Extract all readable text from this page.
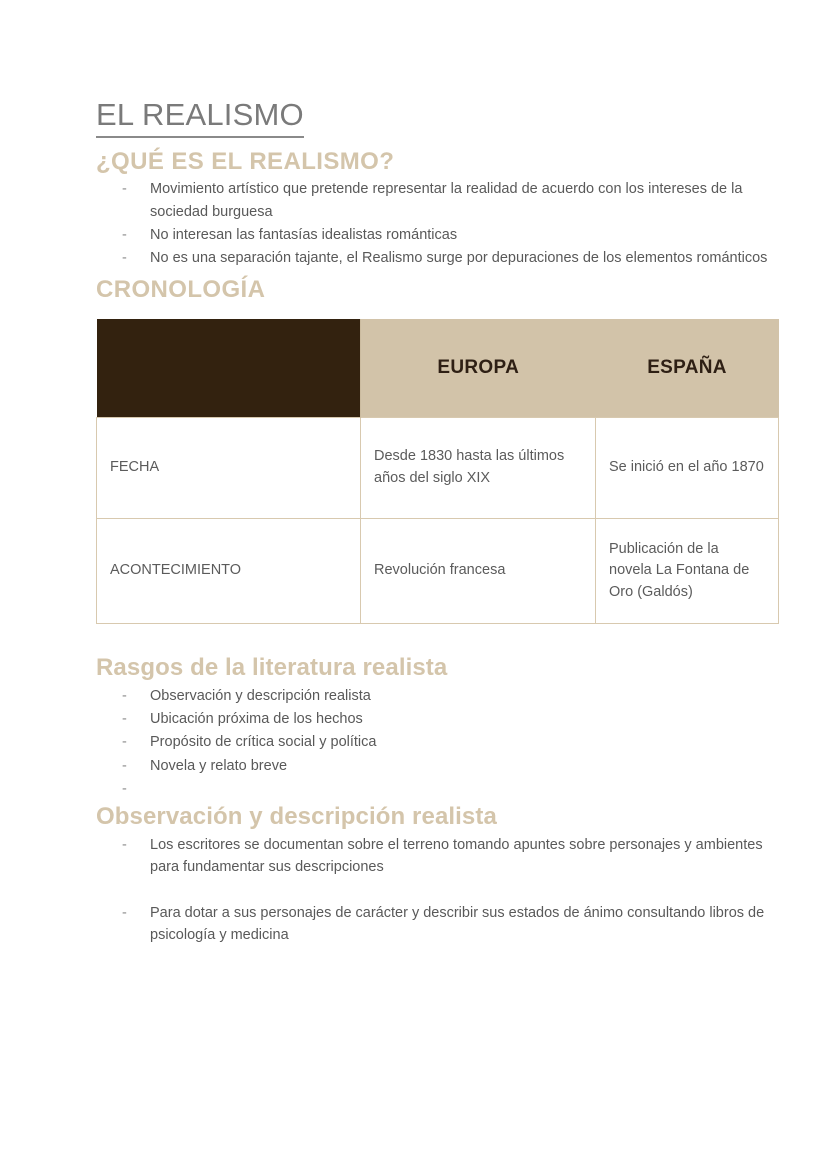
EL REALISMO
¿QUÉ ES EL REALISMO?
- Movimiento artístico que pretende representar la realidad de acuerdo con los intereses de la sociedad burguesa
- No interesan las fantasías idealistas románticas
- No es una separación tajante, el Realismo surge por depuraciones de los elementos románticos
CRONOLOGÍA
	EUROPA	ESPAÑA
FECHA	Desde 1830 hasta las últimos años del siglo XIX	Se inició en el año 1870
ACONTECIMIENTO	Revolución francesa	Publicación de la novela La Fontana de Oro (Galdós)
Rasgos de la literatura realista
- Observación y descripción realista
- Ubicación próxima de los hechos
- Propósito de crítica social y política
- Novela y relato breve
-
Observación y descripción realista
- Los escritores se documentan sobre el terreno tomando apuntes sobre personajes y ambientes para fundamentar sus descripciones
- Para dotar a sus personajes de carácter y describir sus estados de ánimo consultando libros de psicología y medicina
